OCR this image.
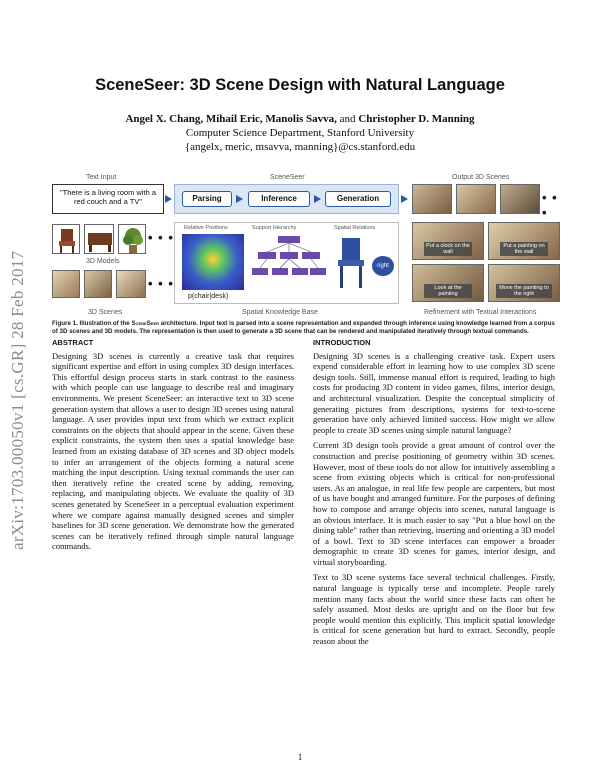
arXiv:1703.00050v1 [cs.GR] 28 Feb 2017
SceneSeer: 3D Scene Design with Natural Language
Angel X. Chang, Mihail Eric, Manolis Savva, and Christopher D. Manning
Computer Science Department, Stanford University
{angelx, meric, msavva, manning}@cs.stanford.edu
Text Input
"There is a living room with a red couch and a TV"
SceneSeer
Parsing	Inference	Generation
Output 3D Scenes
• • •
• • •
3D Models
• • •
3D Scenes
Relative Positions	Support Hierarchy	Spatial Relations
p(chair|desk)
right
Spatial Knowledge Base
Put a clock on the wall
Put a painting on the wall
Look at the painting
Move the painting to the right
Refinement with Textual Interactions
Figure 1. Illustration of the SceneSeer architecture. Input text is parsed into a scene representation and expanded through inference using knowledge learned from a corpus of 3D scenes and 3D models. The representation is then used to generate a 3D scene that can be rendered and manipulated iteratively through textual commands.
ABSTRACT

Designing 3D scenes is currently a creative task that requires significant expertise and effort in using complex 3D design interfaces. This effortful design process starts in stark contrast to the easiness with which people can use language to describe real and imaginary environments. We present SceneSeer: an interactive text to 3D scene generation system that allows a user to design 3D scenes using natural language. A user provides input text from which we extract explicit constraints on the objects that should appear in the scene. Given these explicit constraints, the system then uses a spatial knowledge base learned from an existing database of 3D scenes and 3D object models to infer an arrangement of the objects forming a natural scene matching the input description. Using textual commands the user can then iteratively refine the created scene by adding, removing, replacing, and manipulating objects. We evaluate the quality of 3D scenes generated by SceneSeer in a perceptual evaluation experiment where we compare against manually designed scenes and simpler baselines for 3D scene generation. We demonstrate how the generated scenes can be iteratively refined through simple natural language commands.

INTRODUCTION

Designing 3D scenes is a challenging creative task. Expert users expend considerable effort in learning how to use complex 3D scene design tools. Still, immense manual effort is required, leading to high costs for producing 3D content in video games, films, interior design, and architectural visualization. Despite the conceptual simplicity of generating pictures from descriptions, systems for text-to-scene generation have only achieved limited success. How might we allow people to create 3D scenes using simple natural language?

Current 3D design tools provide a great amount of control over the construction and precise positioning of geometry within 3D scenes. However, most of these tools do not allow for intuitively assembling a scene from existing objects which is critical for non-professional users. As an analogue, in real life few people are carpenters, but most of us have bought and arranged furniture. For the purposes of defining how to compose and arrange objects into scenes, natural language is an obvious interface. It is much easier to say "Put a blue bowl on the dining table" rather than retrieving, inserting and orienting a 3D model of a bowl. Text to 3D scene interfaces can empower a broader demographic to create 3D scenes for games, interior design, and virtual storyboarding.

Text to 3D scene systems face several technical challenges. Firstly, natural language is typically terse and incomplete. People rarely mention many facts about the world since these facts can often be safely assumed. Most desks are upright and on the floor but few people would mention this explicitly. This implicit spatial knowledge is critical for scene generation but hard to extract. Secondly, people reason about the

1
